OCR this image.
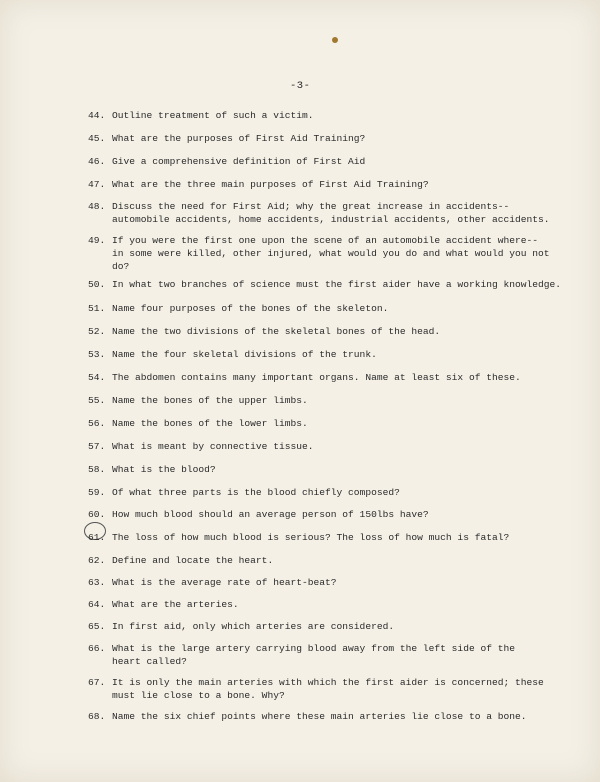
-3-
44. Outline treatment of such a victim.
45. What are the purposes of First Aid Training?
46. Give a comprehensive definition of First Aid
47. What are the three main purposes of First Aid Training?
48. Discuss the need for First Aid; why the great increase in accidents--
automobile accidents, home accidents, industrial accidents, other accidents.
49. If you were the first one upon the scene of an automobile accident where--
in some were killed, other injured, what would you do and what would you not
do?
50. In what two branches of science must the first aider have a working knowledge.
51. Name four purposes of the bones of the skeleton.
52. Name the two divisions of the skeletal bones of the head.
53. Name the four skeletal divisions of the trunk.
54. The abdomen contains many important organs. Name at least six of these.
55. Name the bones of the upper limbs.
56. Name the bones of the lower limbs.
57. What is meant by connective tissue.
58. What is the blood?
59. Of what three parts is the blood chiefly composed?
60. How much blood should an average person of 150lbs have?
61. The loss of how much blood is serious? The loss of how much is fatal?
62. Define and locate the heart.
63. What is the average rate of heart-beat?
64. What are the arteries.
65. In first aid, only which arteries are considered.
66. What is the large artery carrying blood away from the left side of the
heart called?
67. It is only the main arteries with which the first aider is concerned; these
must lie close to a bone. Why?
68. Name the six chief points where these main arteries lie close to a bone.
